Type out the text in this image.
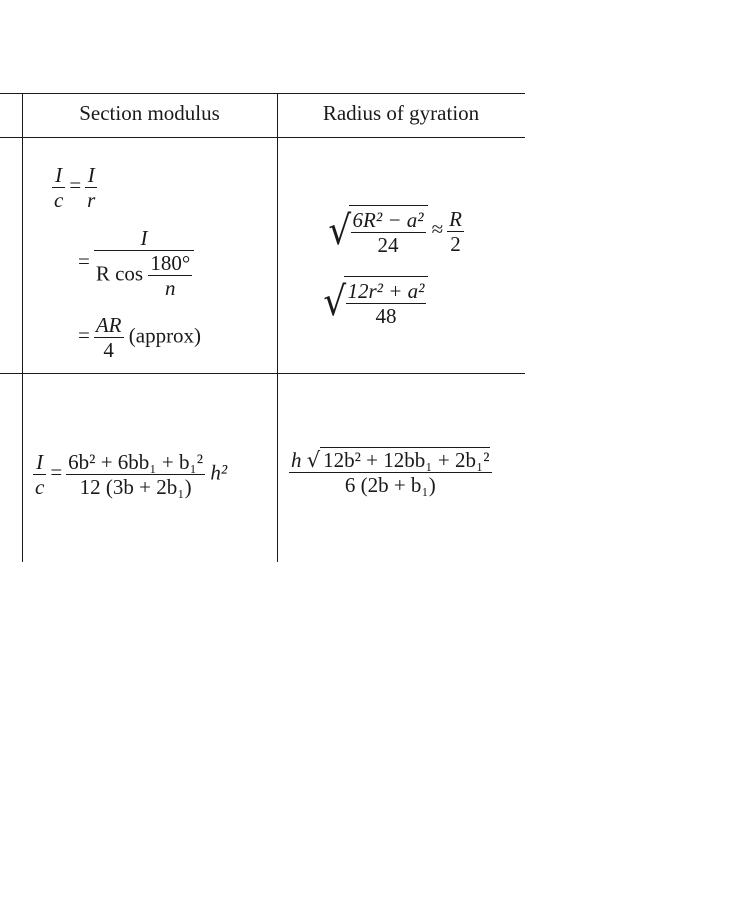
Section modulus	Radius of gyration
$\frac{I}{c} = \frac{I}{r}$
= $\frac{I}{R \cos \frac{180^\circ}{n}}$
= $\frac{AR}{4}$ (approx)
√ $\frac{\text{6R² − a²}}{24} \approx \frac{R}{2}$
√ $\frac{\text{12r² + a²}}{48}$
$\frac{I}{c} = \frac{\text{6b² + 6bb₁ + b₁²}}{\text{12 (3b + 2b₁)}} h^2$	$\frac{\text{h √ 12b² + 12bb₁ + 2b₁²}}{\text{6 (2b + b₁)}}$
